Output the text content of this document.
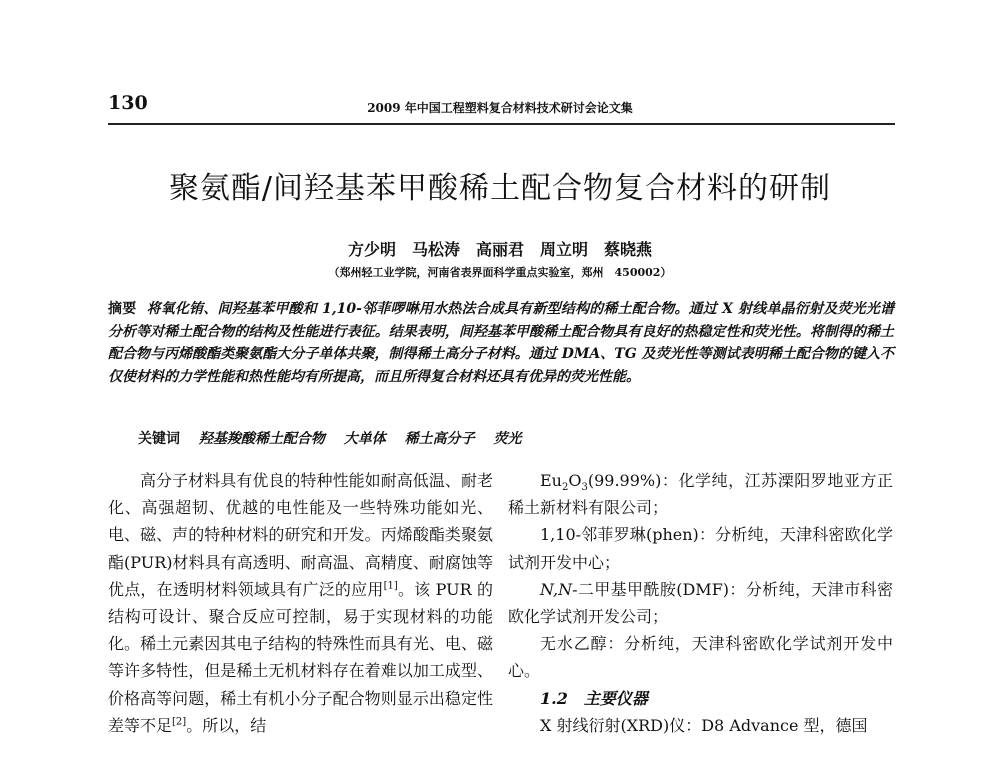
130	2009 年中国工程塑料复合材料技术研讨会论文集
聚氨酯/间羟基苯甲酸稀土配合物复合材料的研制
方少明　马松涛　高丽君　周立明　蔡晓燕
（郑州轻工业学院，河南省表界面科学重点实验室，郑州　450002）
摘要 将氧化铕、间羟基苯甲酸和 1,10-邻菲啰啉用水热法合成具有新型结构的稀土配合物。通过 X 射线单晶衍射及荧光光谱分析等对稀土配合物的结构及性能进行表征。结果表明，间羟基苯甲酸稀土配合物具有良好的热稳定性和荧光性。将制得的稀土配合物与丙烯酸酯类聚氨酯大分子单体共聚，制得稀土高分子材料。通过 DMA、TG 及荧光性等测试表明稀土配合物的键入不仅使材料的力学性能和热性能均有所提高，而且所得复合材料还具有优异的荧光性能。
关键词 羟基羧酸稀土配合物 大单体 稀土高分子 荧光

高分子材料具有优良的特种性能如耐高低温、耐老化、高强超韧、优越的电性能及一些特殊功能如光、电、磁、声的特种材料的研究和开发。丙烯酸酯类聚氨酯(PUR)材料具有高透明、耐高温、高精度、耐腐蚀等优点，在透明材料领域具有广泛的应用[1]。该 PUR 的结构可设计、聚合反应可控制，易于实现材料的功能化。稀土元素因其电子结构的特殊性而具有光、电、磁等许多特性，但是稀土无机材料存在着难以加工成型、价格高等问题，稀土有机小分子配合物则显示出稳定性差等不足[2]。所以，结

$Eu_2O_3(99.99\%)$：化学纯，江苏溧阳罗地亚方正稀土新材料有限公司；

1,10-邻菲罗琳(phen)：分析纯，天津科密欧化学试剂开发中心；

N,N-二甲基甲酰胺(DMF)：分析纯，天津市科密欧化学试剂开发公司；

无水乙醇：分析纯，天津科密欧化学试剂开发中心。

1.2　主要仪器

X 射线衍射(XRD)仪：D8 Advance 型，德国
